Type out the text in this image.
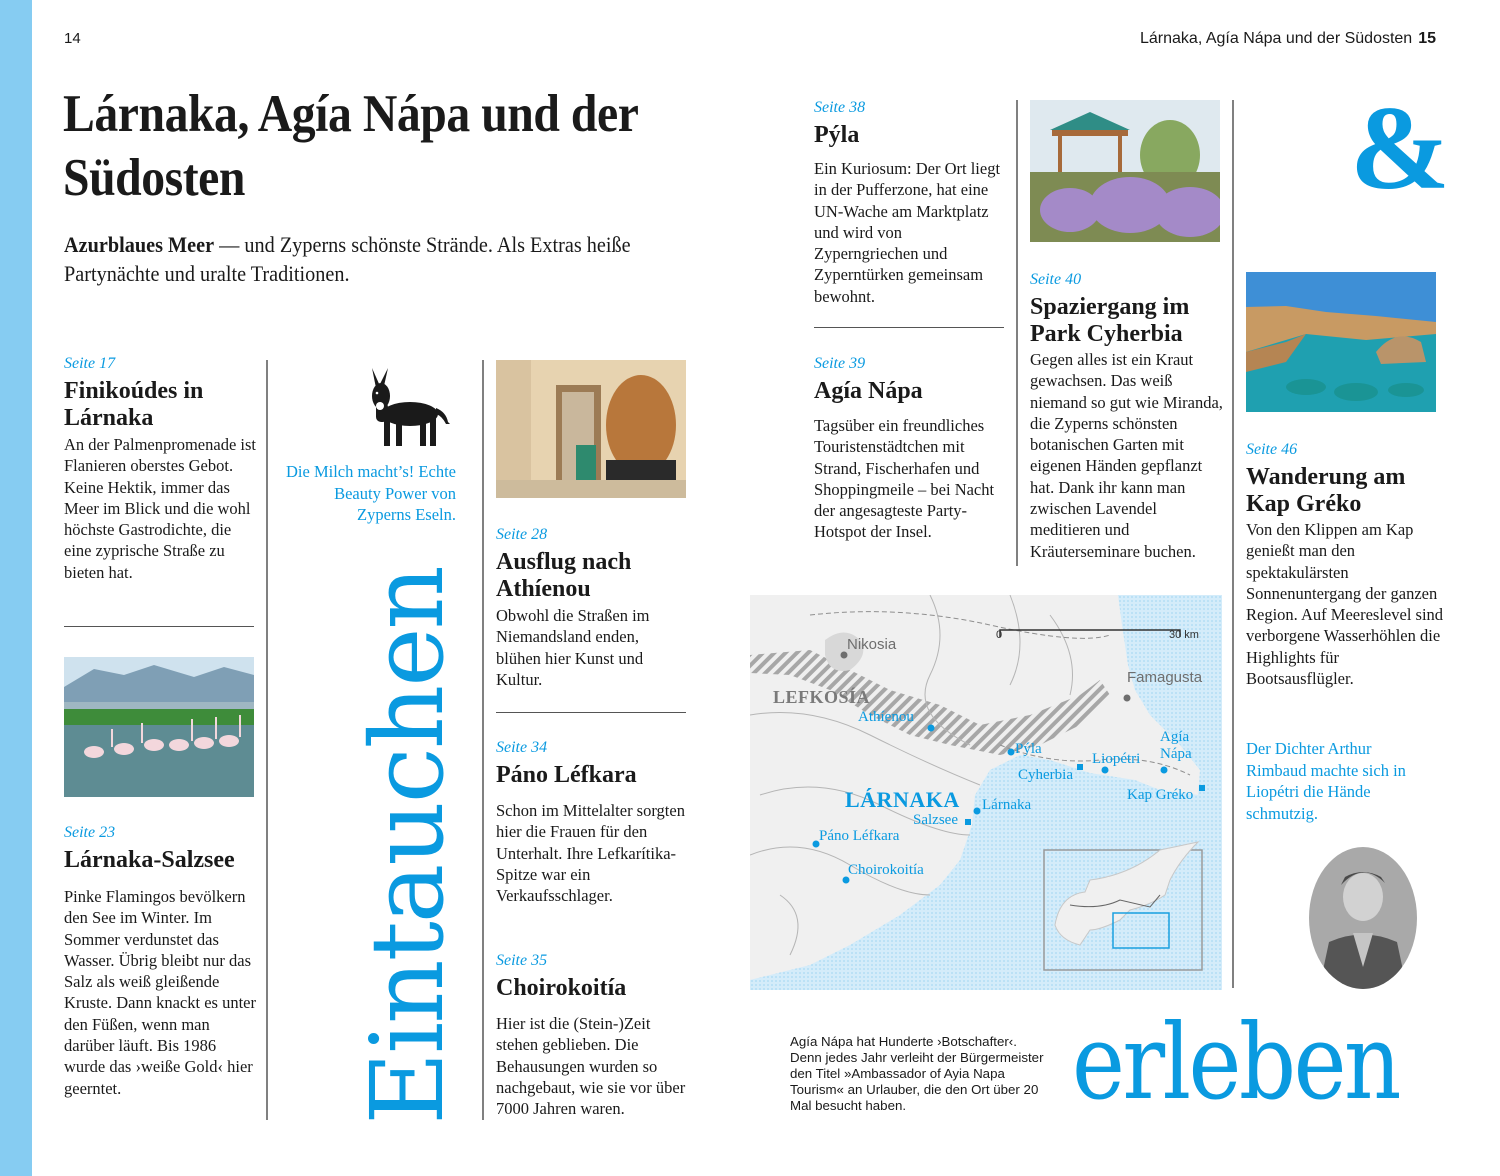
14	Lárnaka, Agía Nápa und der Südosten 15
Lárnaka, Agía Nápa und der Südosten

Azurblaues Meer — und Zyperns schönste Strände. Als Extras heiße Partynächte und uralte Traditionen.

Seite 17
Finikoúdes in Lárnaka
An der Palmenpromenade ist Flanieren oberstes Gebot. Keine Hektik, immer das Meer im Blick und die wohl höchste Gastrodichte, die eine zyprische Straße zu bieten hat.
Seite 23
Lárnaka-Salzsee
Pinke Flamingos bevölkern den See im Winter. Im Sommer verdunstet das Wasser. Übrig bleibt nur das Salz als weiß gleißende Kruste. Dann knackt es unter den Füßen, wenn man darüber läuft. Bis 1986 wurde das ›weiße Gold‹ hier geerntet.
Die Milch macht’s! Echte Beauty Power von Zyperns Eseln.
Eintauchen
Seite 28
Ausflug nach Athíenou
Obwohl die Straßen im Niemandsland enden, blühen hier Kunst und Kultur.
Seite 34
Páno Léfkara
Schon im Mittelalter sorgten hier die Frauen für den Unterhalt. Ihre Lefkarítika-Spitze war ein Verkaufsschlager.
Seite 35
Choirokoitía
Hier ist die (Stein-)Zeit stehen geblieben. Die Behausungen wurden so nachgebaut, wie sie vor über 7000 Jahren waren.
Seite 38
Pýla
Ein Kuriosum: Der Ort liegt in der Pufferzone, hat eine UN-Wache am Marktplatz und wird von Zyperngriechen und Zyperntürken gemeinsam bewohnt.
Seite 39
Agía Nápa
Tagsüber ein freundliches Touristenstädtchen mit Strand, Fischerhafen und Shoppingmeile – bei Nacht der angesagteste Party-Hotspot der Insel.
Seite 40
Spaziergang im Park Cyherbia
Gegen alles ist ein Kraut gewachsen. Das weiß niemand so gut wie Miranda, die Zyperns schönsten botanischen Garten mit eigenen Händen gepflanzt hat. Dank ihr kann man zwischen Lavendel meditieren und Kräuterseminare buchen.
&
Seite 46
Wanderung am Kap Gréko
Von den Klippen am Kap genießt man den spektakulärsten Sonnenuntergang der ganzen Region. Auf Meereslevel sind verborgene Wasserhöhlen die Highlights für Bootsausflügler.
Der Dichter Arthur Rimbaud machte sich in Liopétri die Hände schmutzig.
Nikosia
Famagusta
LEFKOSÍA
LÁRNAKA
Athíenou
Pýla
Cyherbia
Liopétri
Agía Nápa
Kap Gréko
Lárnaka
Salzsee
Páno Léfkara
Choirokoitía
0	30 km
Agía Nápa hat Hunderte ›Botschafter‹. Denn jedes Jahr verleiht der Bürgermeister den Titel »Ambassador of Ayia Napa Tourism« an Urlauber, die den Ort über 20 Mal besucht haben.	erleben
